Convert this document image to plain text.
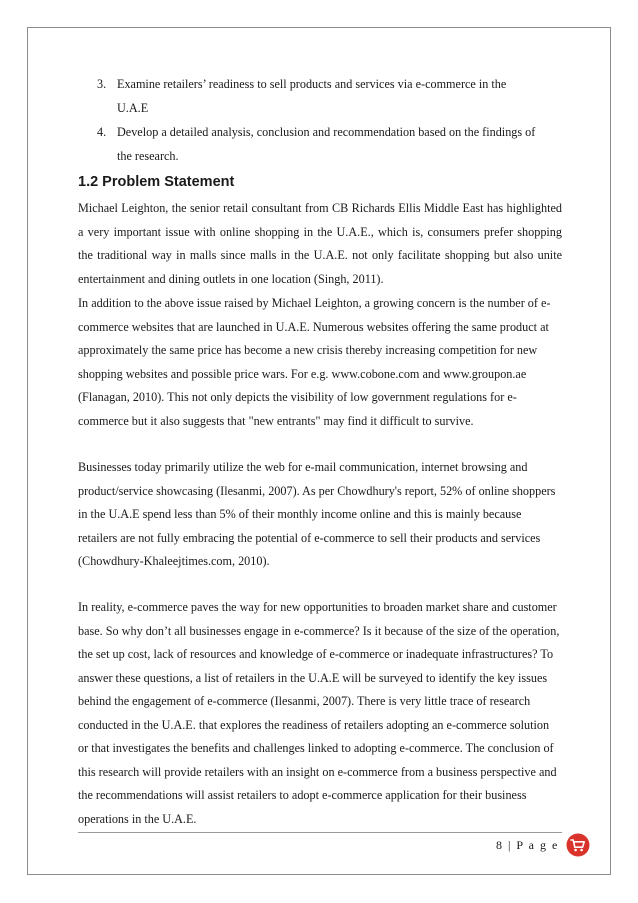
3. Examine retailers’ readiness to sell products and services via e-commerce in the U.A.E
4. Develop a detailed analysis, conclusion and recommendation based on the findings of the research.
1.2 Problem Statement

Michael Leighton, the senior retail consultant from CB Richards Ellis Middle East has highlighted a very important issue with online shopping in the U.A.E., which is, consumers prefer shopping the traditional way in malls since malls in the U.A.E. not only facilitate shopping but also unite entertainment and dining outlets in one location (Singh, 2011).

In addition to the above issue raised by Michael Leighton, a growing concern is the number of e-commerce websites that are launched in U.A.E. Numerous websites offering the same product at approximately the same price has become a new crisis thereby increasing competition for new shopping websites and possible price wars. For e.g. www.cobone.com and www.groupon.ae (Flanagan, 2010). This not only depicts the visibility of low government regulations for e-commerce but it also suggests that "new entrants" may find it difficult to survive.

Businesses today primarily utilize the web for e-mail communication, internet browsing and product/service showcasing (Ilesanmi, 2007). As per Chowdhury's report, 52% of online shoppers in the U.A.E spend less than 5% of their monthly income online and this is mainly because retailers are not fully embracing the potential of e-commerce to sell their products and services (Chowdhury-Khaleejtimes.com, 2010).

In reality, e-commerce paves the way for new opportunities to broaden market share and customer base. So why don’t all businesses engage in e-commerce? Is it because of the size of the operation, the set up cost, lack of resources and knowledge of e-commerce or inadequate infrastructures? To answer these questions, a list of retailers in the U.A.E will be surveyed to identify the key issues behind the engagement of e-commerce (Ilesanmi, 2007). There is very little trace of research conducted in the U.A.E. that explores the readiness of retailers adopting an e-commerce solution or that investigates the benefits and challenges linked to adopting e-commerce. The conclusion of this research will provide retailers with an insight on e-commerce from a business perspective and the recommendations will assist retailers to adopt e-commerce application for their business operations in the U.A.E.

8 | P a g e
